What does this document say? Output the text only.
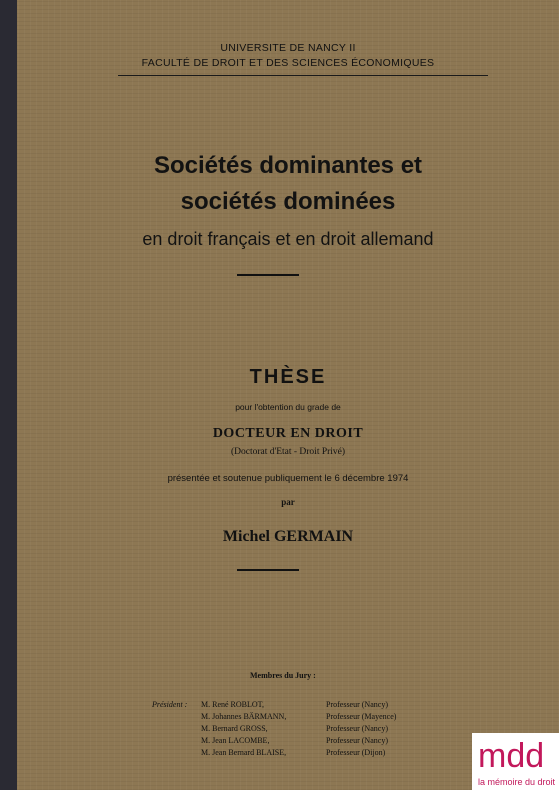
UNIVERSITE DE NANCY II
FACULTÉ DE DROIT ET DES SCIENCES ÉCONOMIQUES
Sociétés dominantes et
sociétés dominées
en droit français et en droit allemand
THÈSE
pour l'obtention du grade de
DOCTEUR EN DROIT
(Doctorat d'Etat - Droit Privé)
présentée et soutenue publiquement le 6 décembre 1974
par
Michel GERMAIN
Membres du Jury :
Président : M. René ROBLOT,	Professeur (Nancy)
M. Johannes BÄRMANN,	Professeur (Mayence)
M. Bernard GROSS,	Professeur (Nancy)
M. Jean LACOMBE,	Professeur (Nancy)
M. Jean Bernard BLAISE,	Professeur (Dijon)	mdd
la mémoire du droit
